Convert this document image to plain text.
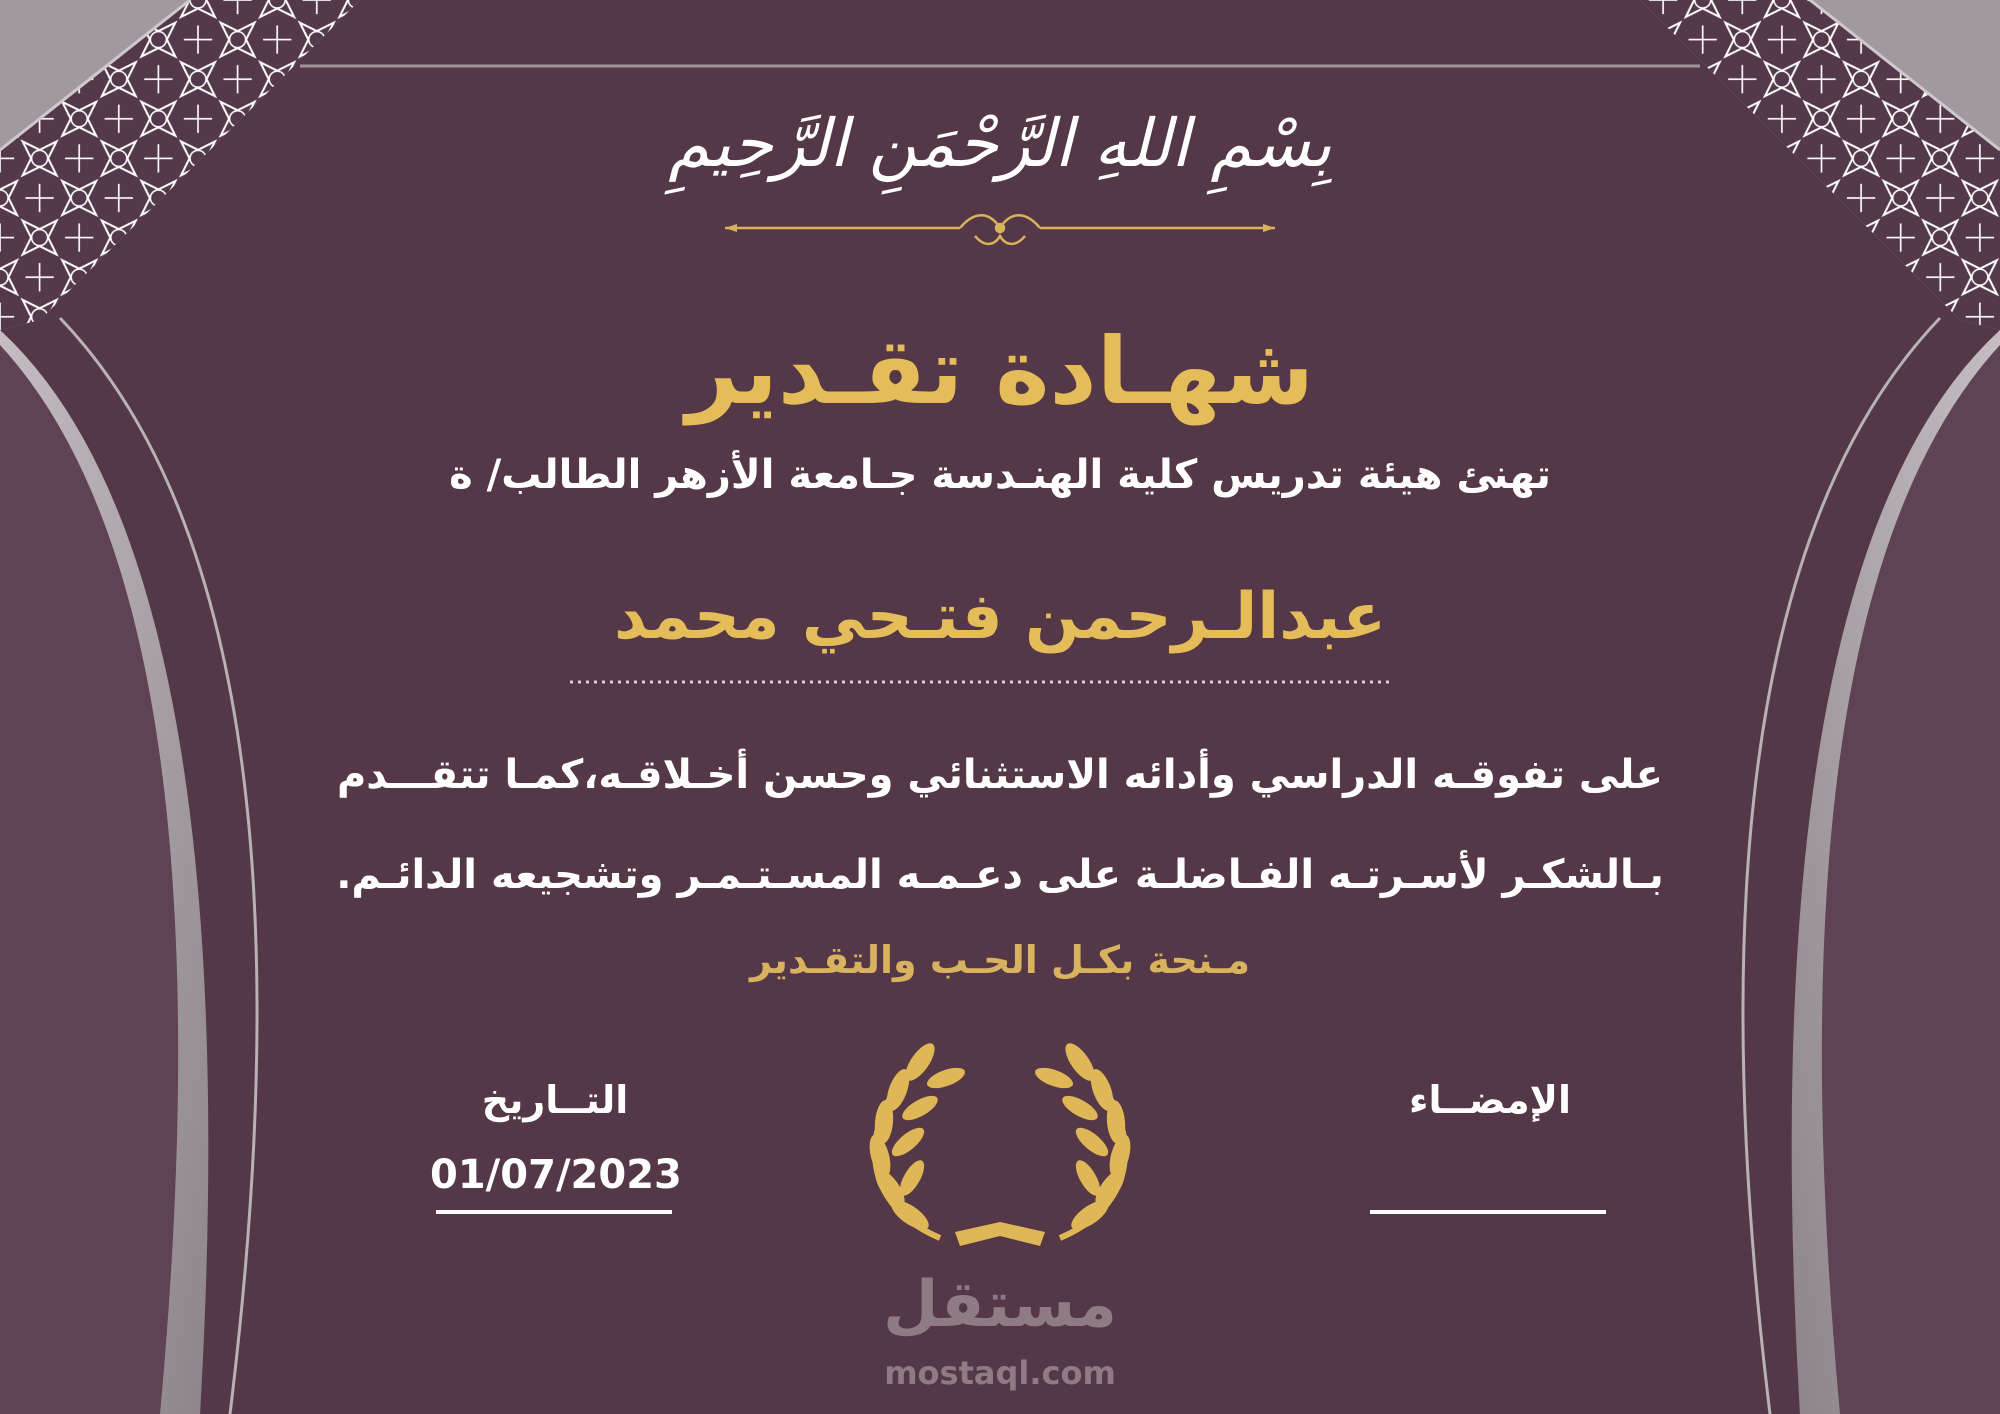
بِسْمِ اللهِ الرَّحْمَنِ الرَّحِيمِ
شهـادة تقـدير
تهنئ هيئة تدريس كلية الهنـدسة جـامعة الأزهر الطالب/ ة
عبدالـرحمن فتـحي محمد
على تفوقـه الدراسي وأدائه الاستثنائي وحسن أخـلاقـه،كمـا تتقـــدم
بـالشكـر لأسـرتـه الفـاضلـة على دعـمـه المسـتـمـر وتشجيعه الدائـم.
مـنحة بكـل الحـب والتقـدير
التــاريخ
01/07/2023
الإمضــاء
مستقل
mostaql.com
